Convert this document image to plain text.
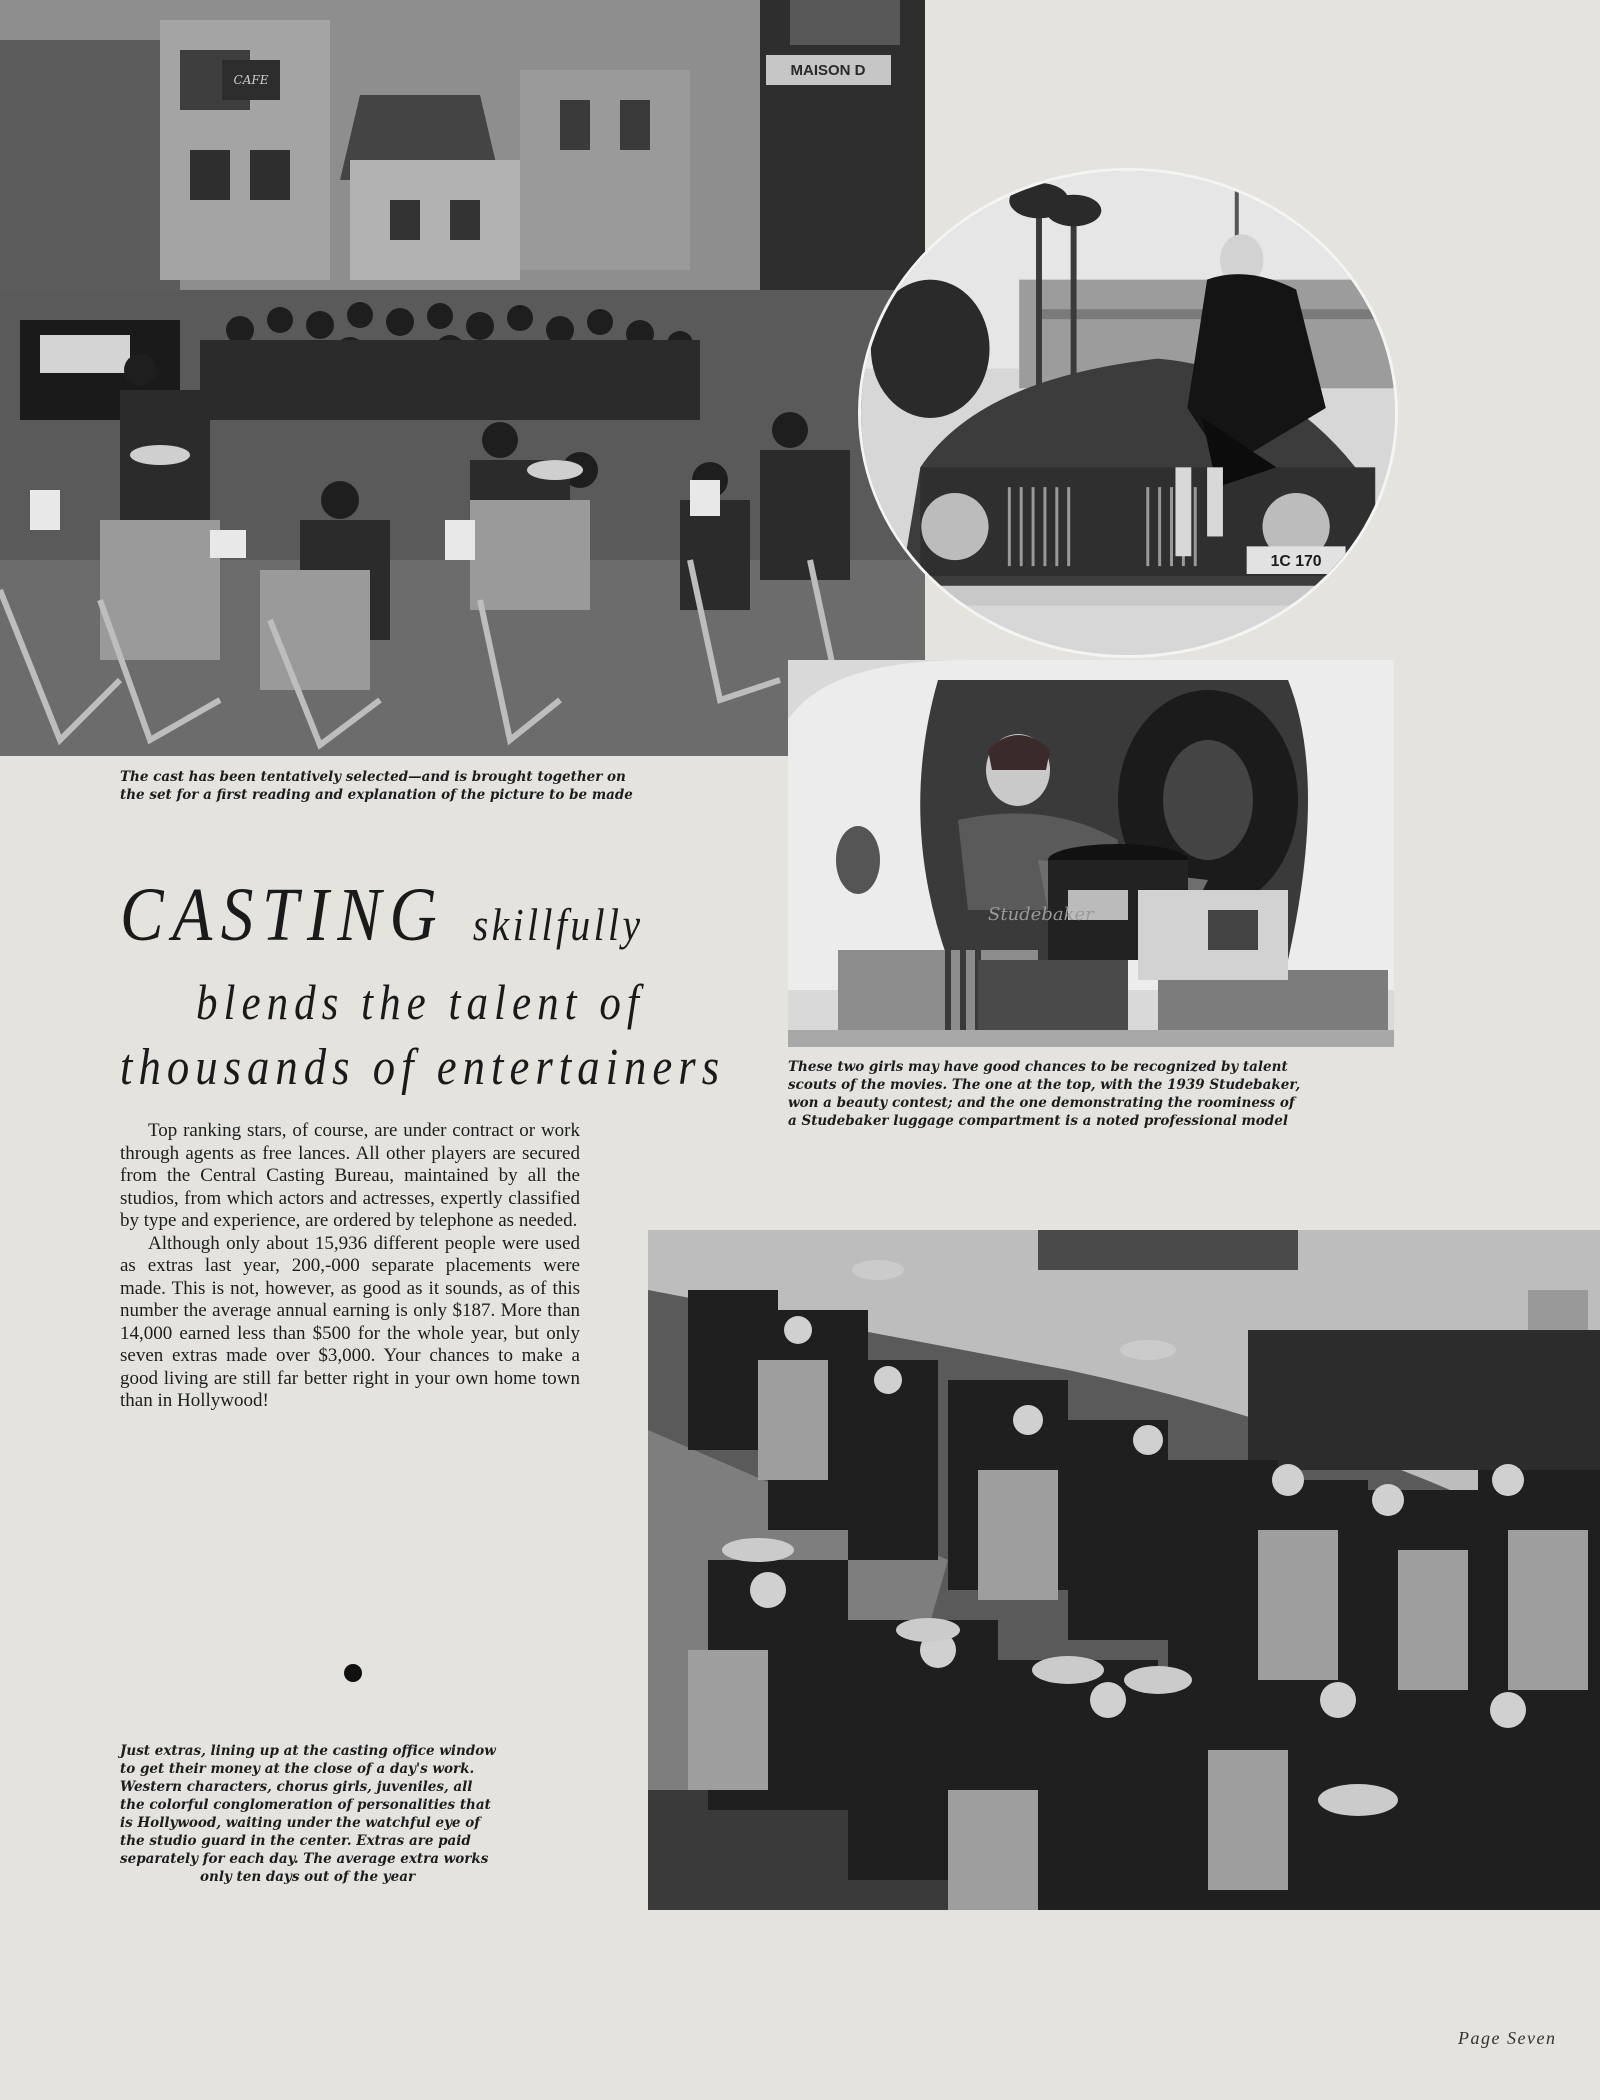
MAISON D
CAFE
1C 170
Studebaker

The cast has been tentatively selected—and is brought together on
the set for a first reading and explanation of the picture to be made

These two girls may have good chances to be recognized by talent
scouts of the movies. The one at the top, with the 1939 Studebaker,
won a beauty contest; and the one demonstrating the roominess of
a Studebaker luggage compartment is a noted professional model

Just extras, lining up at the casting office window
to get their money at the close of a day's work.
Western characters, chorus girls, juveniles, all
the colorful conglomeration of personalities that
is Hollywood, waiting under the watchful eye of
the studio guard in the center. Extras are paid
separately for each day. The average extra works
only ten days out of the year

CASTING skillfully
blends the talent of
thousands of entertainers

Top ranking stars, of course, are under contract or work through agents as free lances. All other players are secured from the Central Casting Bureau, maintained by all the studios, from which actors and actresses, expertly classified by type and experience, are ordered by telephone as needed.

Although only about 15,936 different people were used as extras last year, 200,-000 separate placements were made. This is not, however, as good as it sounds, as of this number the average annual earning is only $187. More than 14,000 earned less than $500 for the whole year, but only seven extras made over $3,000. Your chances to make a good living are still far better right in your own home town than in Hollywood!

Page Seven
